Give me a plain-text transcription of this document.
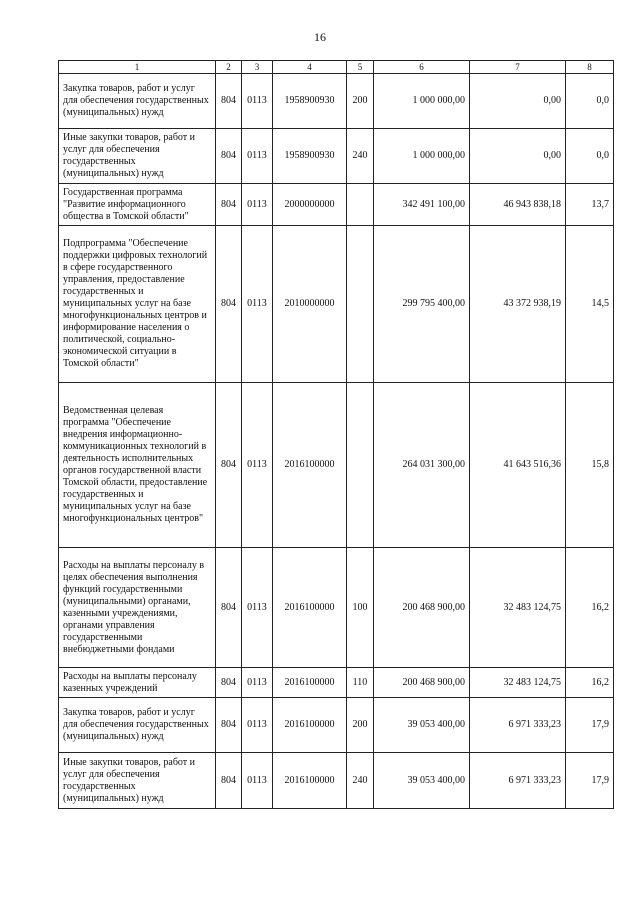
16
1	2	3	4	5	6	7	8
Закупка товаров, работ и услуг для обеспечения государственных (муниципальных) нужд	804	0113	1958900930	200	1 000 000,00	0,00	0,0
Иные закупки товаров, работ и услуг для обеспечения государственных (муниципальных) нужд	804	0113	1958900930	240	1 000 000,00	0,00	0,0
Государственная программа "Развитие информационного общества в Томской области"	804	0113	2000000000		342 491 100,00	46 943 838,18	13,7
Подпрограмма "Обеспечение поддержки цифровых технологий в сфере государственного управления, предоставление государственных и муниципальных услуг на базе многофункциональных центров и информирование населения о политической, социально-экономической ситуации в Томской области"	804	0113	2010000000		299 795 400,00	43 372 938,19	14,5
Ведомственная целевая программа "Обеспечение внедрения информационно-коммуникационных технологий в деятельность исполнительных органов государственной власти Томской области, предоставление государственных и муниципальных услуг на базе многофункциональных центров"	804	0113	2016100000		264 031 300,00	41 643 516,36	15,8
Расходы на выплаты персоналу в целях обеспечения выполнения функций государственными (муниципальными) органами, казенными учреждениями, органами управления государственными внебюджетными фондами	804	0113	2016100000	100	200 468 900,00	32 483 124,75	16,2
Расходы на выплаты персоналу казенных учреждений	804	0113	2016100000	110	200 468 900,00	32 483 124,75	16,2
Закупка товаров, работ и услуг для обеспечения государственных (муниципальных) нужд	804	0113	2016100000	200	39 053 400,00	6 971 333,23	17,9
Иные закупки товаров, работ и услуг для обеспечения государственных (муниципальных) нужд	804	0113	2016100000	240	39 053 400,00	6 971 333,23	17,9
